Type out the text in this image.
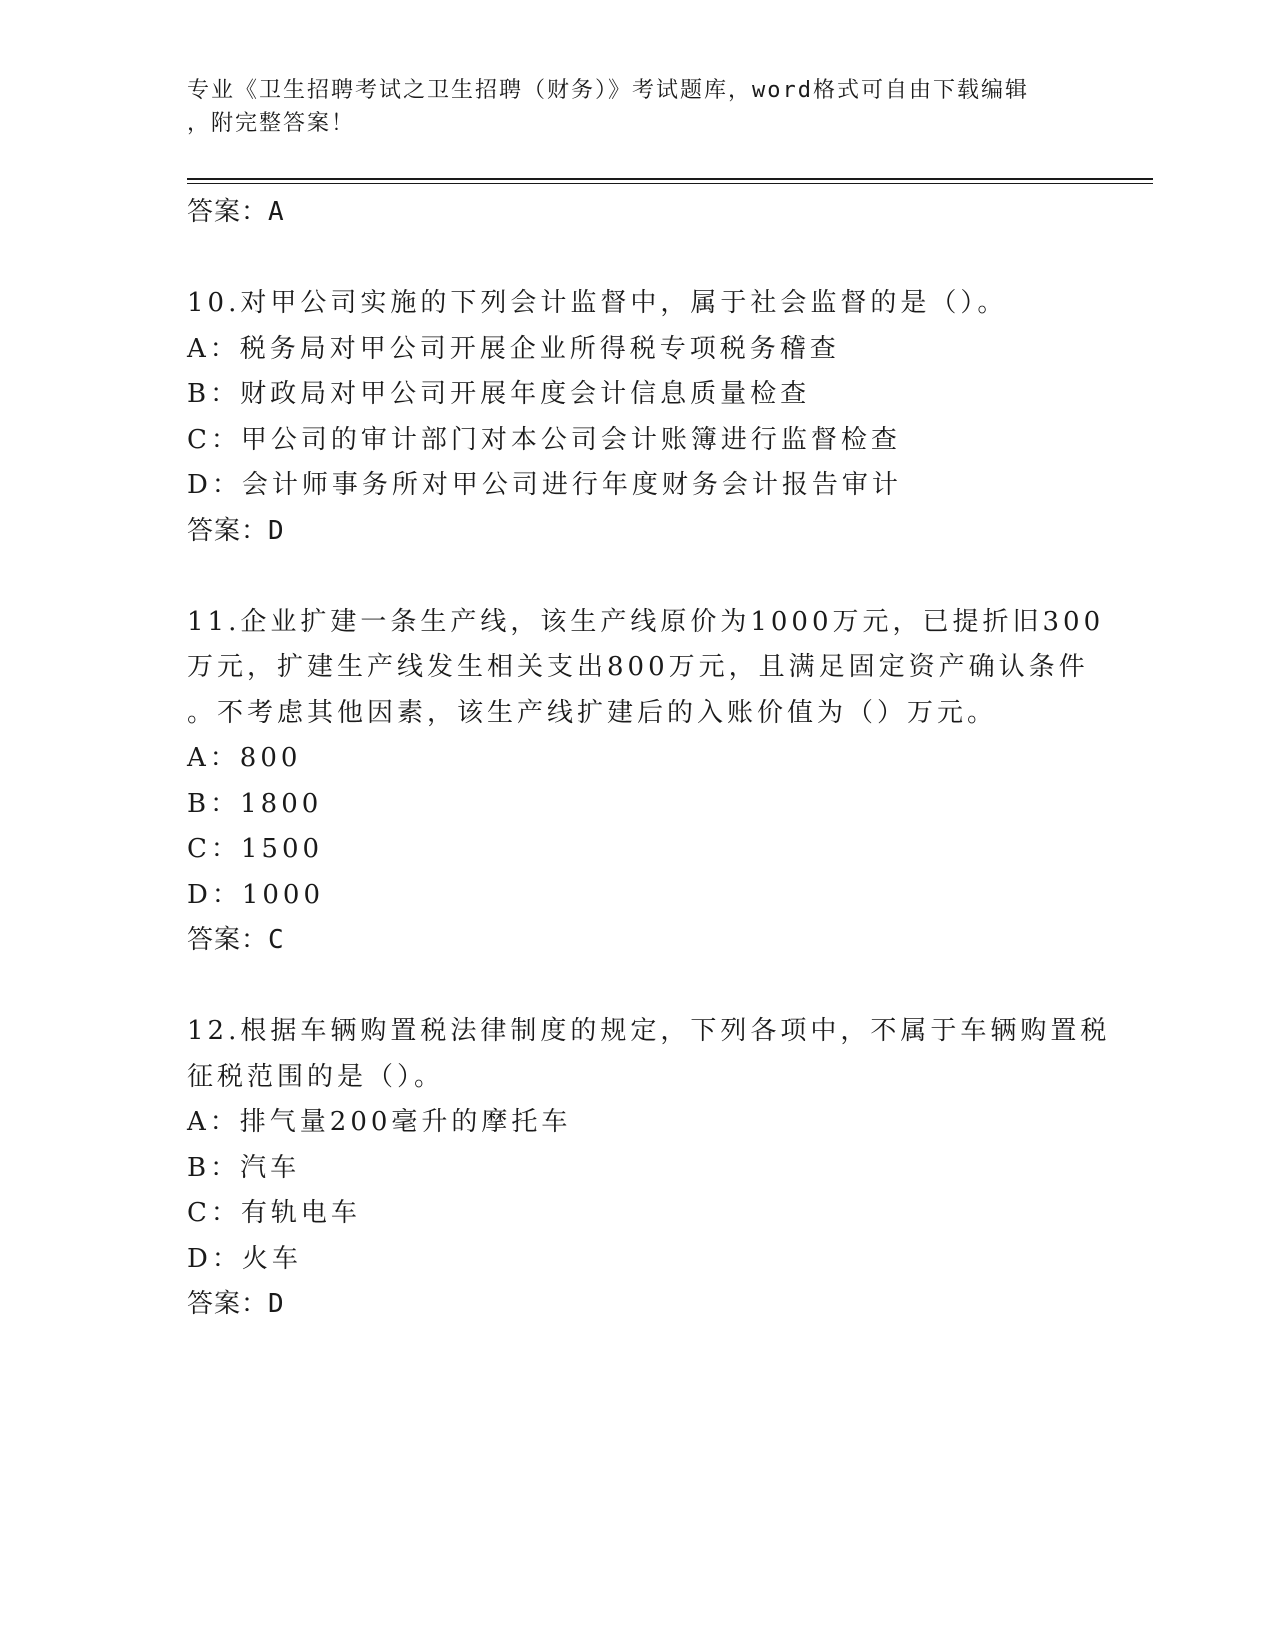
专业《卫生招聘考试之卫生招聘（财务）》考试题库，word格式可自由下载编辑
，附完整答案！
答案：A
10.对甲公司实施的下列会计监督中，属于社会监督的是（）。
A：税务局对甲公司开展企业所得税专项税务稽查
B：财政局对甲公司开展年度会计信息质量检查
C：甲公司的审计部门对本公司会计账簿进行监督检查
D：会计师事务所对甲公司进行年度财务会计报告审计
答案：D
11.企业扩建一条生产线，该生产线原价为1000万元，已提折旧300
万元，扩建生产线发生相关支出800万元，且满足固定资产确认条件
。不考虑其他因素，该生产线扩建后的入账价值为（）万元。
A：800
B：1800
C：1500
D：1000
答案：C
12.根据车辆购置税法律制度的规定，下列各项中，不属于车辆购置税
征税范围的是（）。
A：排气量200毫升的摩托车
B：汽车
C：有轨电车
D：火车
答案：D
